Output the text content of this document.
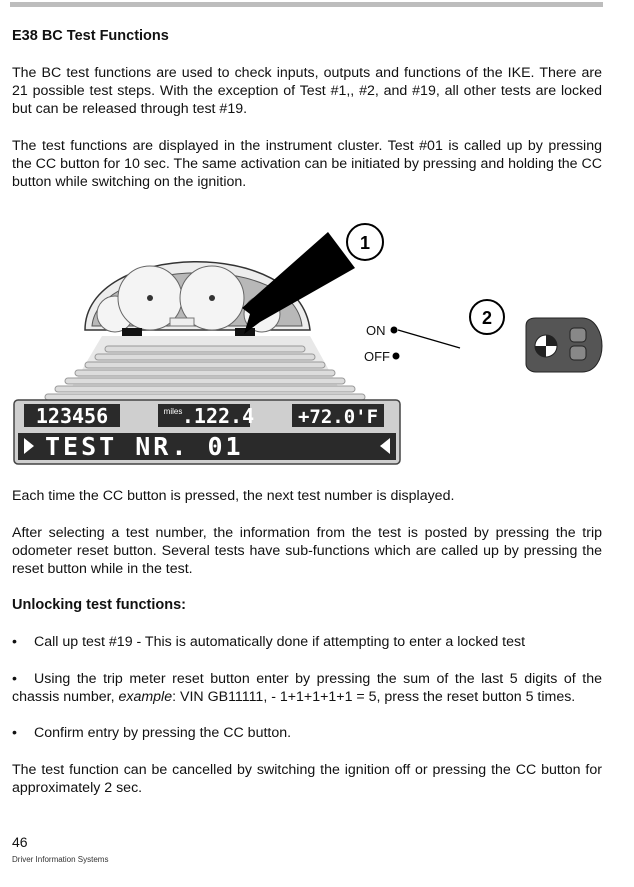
E38 BC Test Functions
The BC test functions are used to check inputs, outputs and functions of the IKE. There are 21 possible test steps. With the exception of Test #1,, #2, and #19, all other tests are locked but can be released through test #19.
The test functions are displayed in the instrument cluster. Test #01 is called up by pressing the CC button for 10 sec. The same activation can be initiated by pressing and holding the CC button while switching on the ignition.
1
123456	miles .122.4 +72.0'F
TEST NR. 01
ON
OFF
2
Each time the CC button is pressed, the next test number is displayed.
After selecting a test number, the information from the test is posted by pressing the trip odometer reset button. Several tests have sub-functions which are called up by pressing the reset button while in the test.
Unlocking test functions:
• Call up test #19 - This is automatically done if attempting to enter a locked test
• Using the trip meter reset button enter by pressing the sum of the last 5 digits of the chassis number, example: VIN GB11111, - 1+1+1+1+1 = 5, press the reset button 5 times.
• Confirm entry by pressing the CC button.
The test function can be cancelled by switching the ignition off or pressing the CC button for approximately 2 sec.
46
Driver Information Systems
